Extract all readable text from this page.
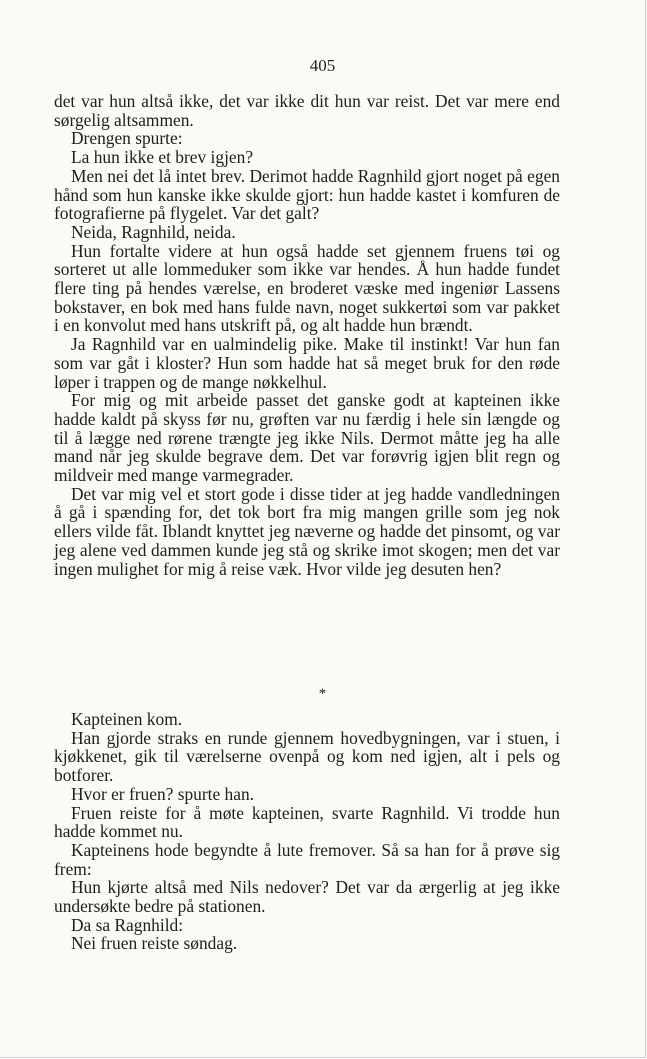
405

det var hun altså ikke, det var ikke dit hun var reist. Det var mere end sørgelig altsammen.

Drengen spurte:

La hun ikke et brev igjen?

Men nei det lå intet brev. Derimot hadde Ragnhild gjort noget på egen hånd som hun kanske ikke skulde gjort: hun hadde kastet i komfuren de fotografierne på flygelet. Var det galt?

Neida, Ragnhild, neida.

Hun fortalte videre at hun også hadde set gjennem fruens tøi og sorteret ut alle lommeduker som ikke var hendes. Å hun hadde fundet flere ting på hendes værelse, en broderet væske med ingeniør Lassens bokstaver, en bok med hans fulde navn, noget sukkertøi som var pakket i en konvolut med hans utskrift på, og alt hadde hun brændt.

Ja Ragnhild var en ualmindelig pike. Make til instinkt! Var hun fan som var gåt i kloster? Hun som hadde hat så meget bruk for den røde løper i trappen og de mange nøkkelhul.

For mig og mit arbeide passet det ganske godt at kapteinen ikke hadde kaldt på skyss før nu, grøften var nu færdig i hele sin længde og til å lægge ned rørene trængte jeg ikke Nils. Dermot måtte jeg ha alle mand når jeg skulde begrave dem. Det var forøvrig igjen blit regn og mildveir med mange varmegrader.

Det var mig vel et stort gode i disse tider at jeg hadde vandledningen å gå i spænding for, det tok bort fra mig mangen grille som jeg nok ellers vilde fåt. Iblandt knyttet jeg næverne og hadde det pinsomt, og var jeg alene ved dammen kunde jeg stå og skrike imot skogen; men det var ingen mulighet for mig å reise væk. Hvor vilde jeg desuten hen?

*

Kapteinen kom.

Han gjorde straks en runde gjennem hovedbygningen, var i stuen, i kjøkkenet, gik til værelserne ovenpå og kom ned igjen, alt i pels og botforer.

Hvor er fruen? spurte han.

Fruen reiste for å møte kapteinen, svarte Ragnhild. Vi trodde hun hadde kommet nu.

Kapteinens hode begyndte å lute fremover. Så sa han for å prøve sig frem:

Hun kjørte altså med Nils nedover? Det var da ærgerlig at jeg ikke undersøkte bedre på stationen.

Da sa Ragnhild:

Nei fruen reiste søndag.
